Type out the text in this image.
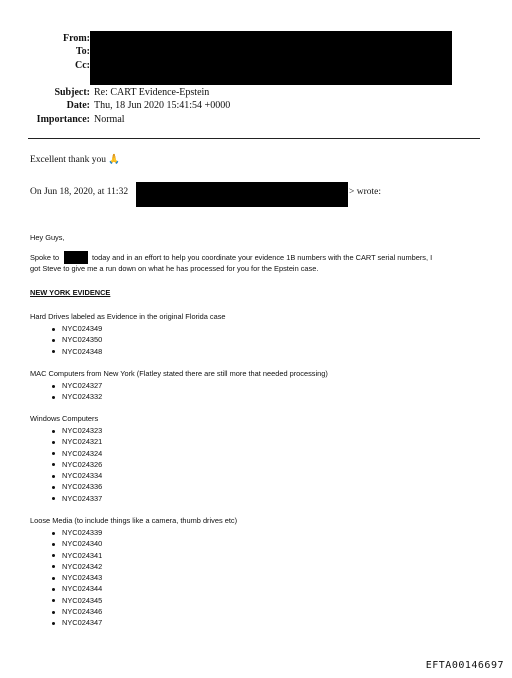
From:
To:
Cc:
Subject: Re: CART Evidence-Epstein
Date: Thu, 18 Jun 2020 15:41:54 +0000
Importance: Normal
Excellent thank you 🙏
On Jun 18, 2020, at 11:32	> wrote:
Hey Guys,
Spoke to	today and in an effort to help you coordinate your evidence 1B numbers with the CART serial numbers, I
got Steve to give me a run down on what he has processed for you for the Epstein case.
NEW YORK EVIDENCE
Hard Drives labeled as Evidence in the original Florida case
NYC024349
NYC024350
NYC024348
MAC Computers from New York (Flatley stated there are still more that needed processing)
NYC024327
NYC024332
Windows Computers
NYC024323
NYC024321
NYC024324
NYC024326
NYC024334
NYC024336
NYC024337
Loose Media (to include things like a camera, thumb drives etc)
NYC024339
NYC024340
NYC024341
NYC024342
NYC024343
NYC024344
NYC024345
NYC024346
NYC024347
EFTA00146697
